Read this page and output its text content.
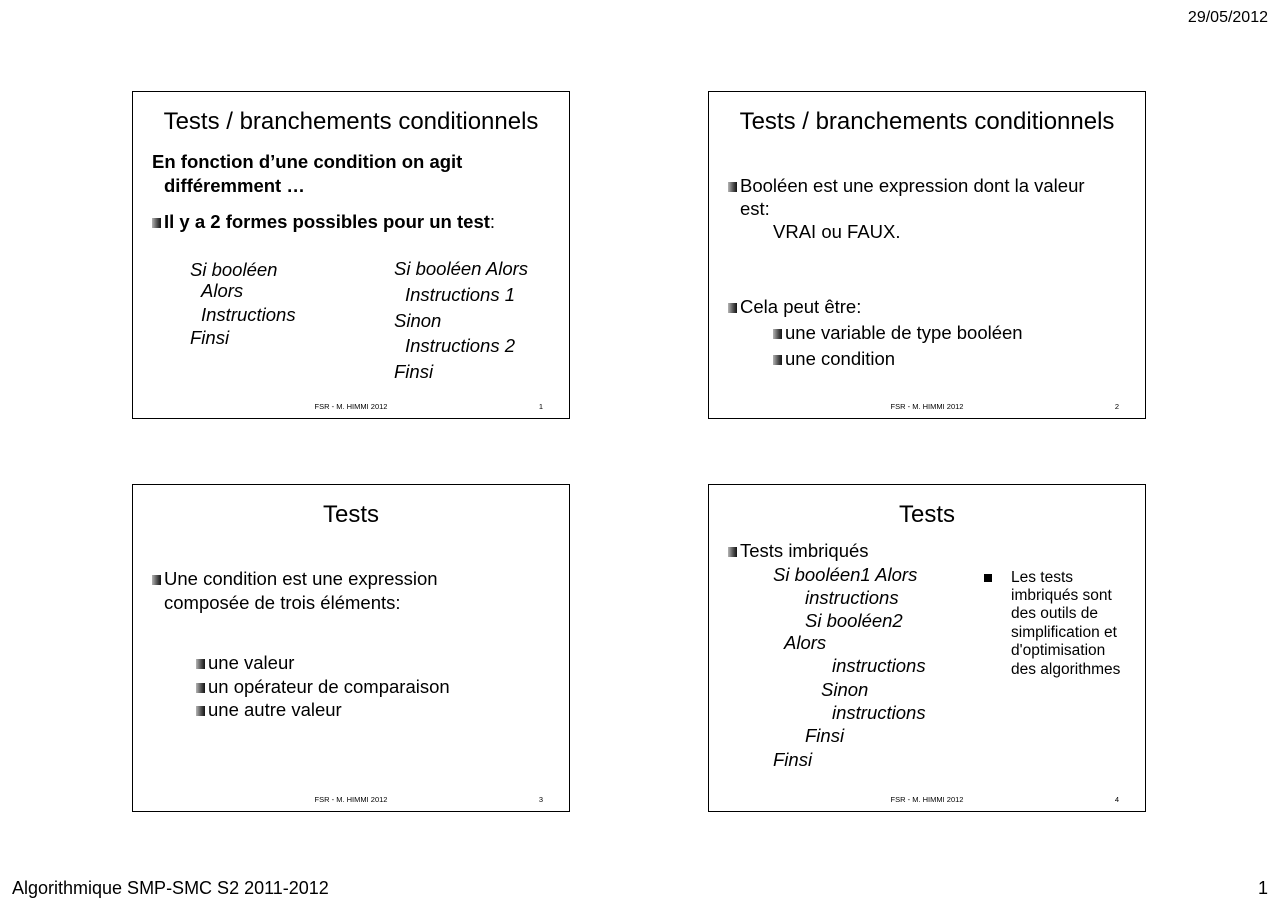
29/05/2012
Tests / branchements conditionnels
En fonction d’une condition on agit
différemment …
Il y a 2 formes possibles pour un test:
Si booléen
Alors
Instructions
Finsi
Si booléen Alors
Instructions 1
Sinon
Instructions 2
Finsi
FSR - M. HIMMI 2012	1
Tests / branchements conditionnels
Booléen est une expression dont la valeur
est:
VRAI ou FAUX.
Cela peut être:
une variable de type booléen
une condition
FSR - M. HIMMI 2012	2
Tests
Une condition est une expression
composée de trois éléments:
une valeur
un opérateur de comparaison
une autre valeur
FSR - M. HIMMI 2012	3
Tests
Tests imbriqués
Si booléen1 Alors
instructions
Si booléen2
Alors
instructions
Sinon
instructions
Finsi
Finsi
Les tests
imbriqués sont
des outils de
simplification et
d'optimisation
des algorithmes
FSR - M. HIMMI 2012	4
Algorithmique SMP-SMC S2 2011-2012	1
